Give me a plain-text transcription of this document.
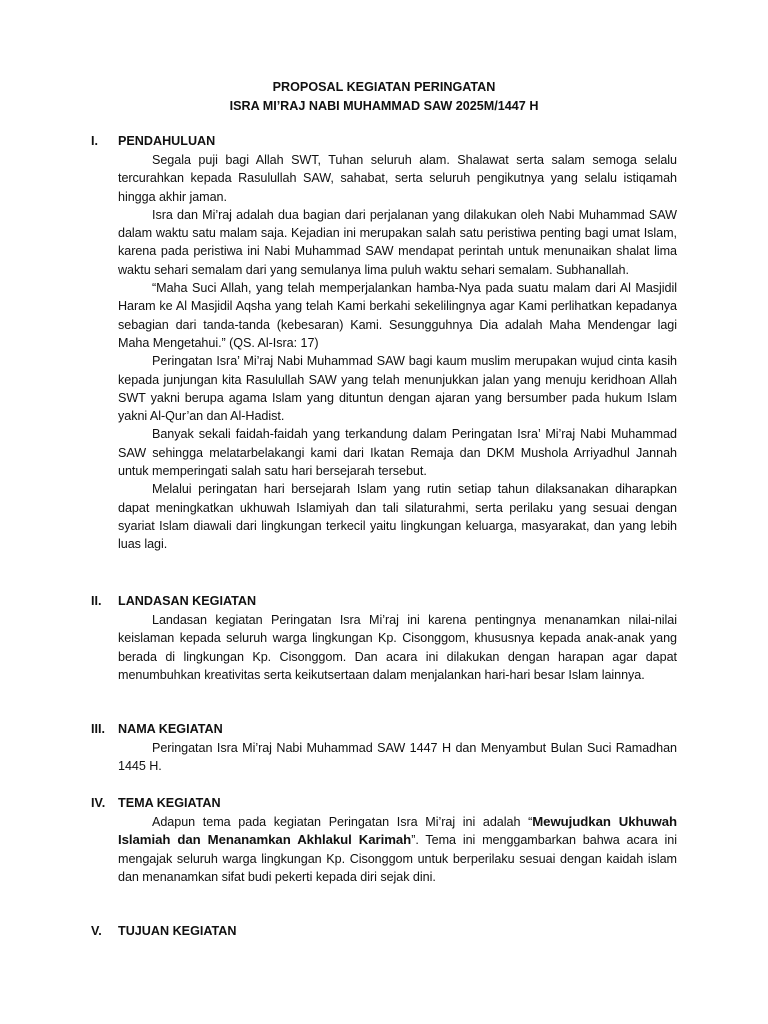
PROPOSAL KEGIATAN PERINGATAN
ISRA MI’RAJ NABI MUHAMMAD SAW 2025M/1447 H
I. PENDAHULUAN

Segala puji bagi Allah SWT, Tuhan seluruh alam. Shalawat serta salam semoga selalu tercurahkan kepada Rasulullah SAW, sahabat, serta seluruh pengikutnya yang selalu istiqamah hingga akhir jaman.

Isra dan Mi’raj adalah dua bagian dari perjalanan yang dilakukan oleh Nabi Muhammad SAW dalam waktu satu malam saja. Kejadian ini merupakan salah satu peristiwa penting bagi umat Islam, karena pada peristiwa ini Nabi Muhammad SAW mendapat perintah untuk menunaikan shalat lima waktu sehari semalam dari yang semulanya lima puluh waktu sehari semalam. Subhanallah.

“Maha Suci Allah, yang telah memperjalankan hamba-Nya pada suatu malam dari Al Masjidil Haram ke Al Masjidil Aqsha yang telah Kami berkahi sekelilingnya agar Kami perlihatkan kepadanya sebagian dari tanda-tanda (kebesaran) Kami. Sesungguhnya Dia adalah Maha Mendengar lagi Maha Mengetahui.” (QS. Al-Isra: 17)

Peringatan Isra’ Mi’raj Nabi Muhammad SAW bagi kaum muslim merupakan wujud cinta kasih kepada junjungan kita Rasulullah SAW yang telah menunjukkan jalan yang menuju keridhoan Allah SWT yakni berupa agama Islam yang dituntun dengan ajaran yang bersumber pada hukum Islam yakni Al-Qur’an dan Al-Hadist.

Banyak sekali faidah-faidah yang terkandung dalam Peringatan Isra’ Mi’raj Nabi Muhammad SAW sehingga melatarbelakangi kami dari Ikatan Remaja dan DKM Mushola Arriyadhul Jannah untuk memperingati salah satu hari bersejarah tersebut.

Melalui peringatan hari bersejarah Islam yang rutin setiap tahun dilaksanakan diharapkan dapat meningkatkan ukhuwah Islamiyah dan tali silaturahmi, serta perilaku yang sesuai dengan syariat Islam diawali dari lingkungan terkecil yaitu lingkungan keluarga, masyarakat, dan yang lebih luas lagi.

II. LANDASAN KEGIATAN

Landasan kegiatan Peringatan Isra Mi’raj ini karena pentingnya menanamkan nilai-nilai keislaman kepada seluruh warga lingkungan Kp. Cisonggom, khususnya kepada anak-anak yang berada di lingkungan Kp. Cisonggom. Dan acara ini dilakukan dengan harapan agar dapat menumbuhkan kreativitas serta keikutsertaan dalam menjalankan hari-hari besar Islam lainnya.

III. NAMA KEGIATAN

Peringatan Isra Mi’raj Nabi Muhammad SAW 1447 H dan Menyambut Bulan Suci Ramadhan 1445 H.

IV. TEMA KEGIATAN

Adapun tema pada kegiatan Peringatan Isra Mi’raj ini adalah “Mewujudkan Ukhuwah Islamiah dan Menanamkan Akhlakul Karimah”. Tema ini menggambarkan bahwa acara ini mengajak seluruh warga lingkungan Kp. Cisonggom untuk berperilaku sesuai dengan kaidah islam dan menanamkan sifat budi pekerti kepada diri sejak dini.

V. TUJUAN KEGIATAN
